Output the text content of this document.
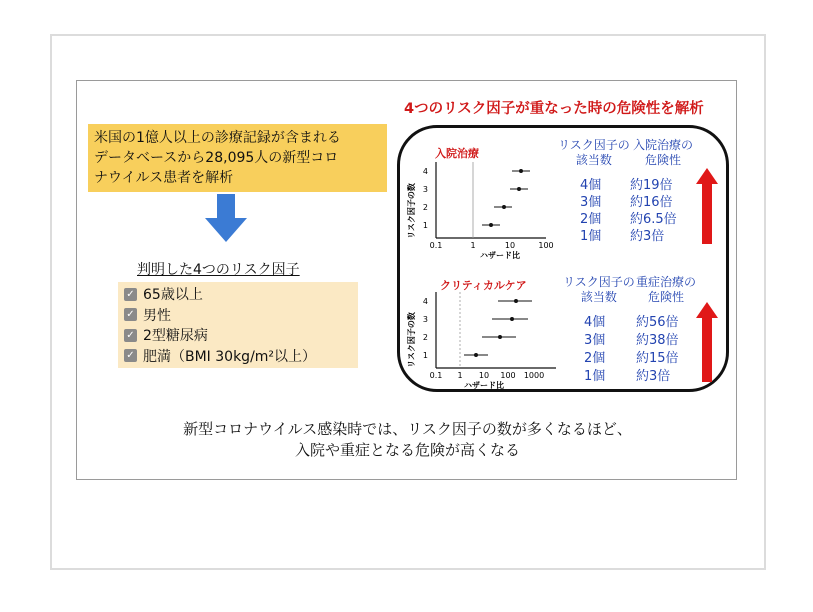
4つのリスク因子が重なった時の危険性を解析
米国の1億人以上の診療記録が含まれる
データベースから28,095人の新型コロ
ナウイルス患者を解析
判明した4つのリスク因子
✓ 65歳以上
✓ 男性
✓ 2型糖尿病
✓ 肥満（BMI 30kg/m²以上）
入院治療
リスク因子の数
4
3
2
1
0.1	1	10	100
ハザード比
リスク因子の
該当数
入院治療の
危険性
4個 約19倍
3個 約16倍
2個 約6.5倍
1個 約3倍
クリティカルケア
リスク因子の数
4
3
2
1
0.1 1 10 100 1000
ハザード比
リスク因子の
該当数
重症治療の
危険性
4個 約56倍
3個 約38倍
2個 約15倍
1個 約3倍
新型コロナウイルス感染時では、リスク因子の数が多くなるほど、
入院や重症となる危険が高くなる
